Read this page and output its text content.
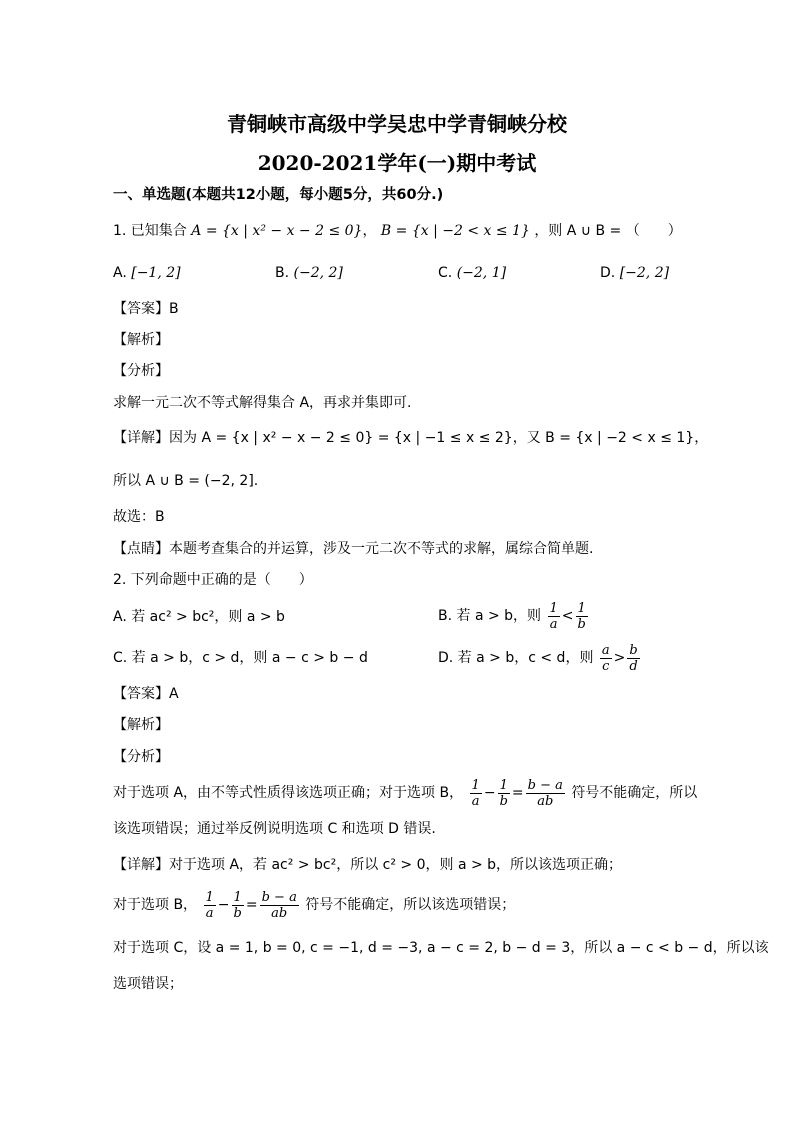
青铜峡市高级中学吴忠中学青铜峡分校
2020-2021学年(一)期中考试
一、单选题(本题共12小题，每小题5分，共60分.)
1. 已知集合 A = {x | x² − x − 2 ≤ 0}， B = {x | −2 < x ≤ 1} ，则 A ∪ B = （　　）
A. [−1, 2]	B. (−2, 2]	C. (−2, 1]	D. [−2, 2]
【答案】B
【解析】
【分析】
求解一元二次不等式解得集合 A，再求并集即可.
【详解】因为 A = {x | x² − x − 2 ≤ 0} = {x | −1 ≤ x ≤ 2}，又 B = {x | −2 < x ≤ 1}，
所以 A ∪ B = (−2, 2].
故选：B
【点睛】本题考查集合的并运算，涉及一元二次不等式的求解，属综合简单题.
2. 下列命题中正确的是（　　）
A. 若 ac² > bc²，则 a > b	B. 若 a > b，则 $\frac{1}{a} < \frac{1}{b}$
C. 若 a > b，c > d，则 a − c > b − d	D. 若 a > b，c < d，则 $\frac{a}{c} > \frac{b}{d}$
【答案】A
【解析】
【分析】
对于选项 A，由不等式性质得该选项正确；对于选项 B， $\frac{1}{a} - \frac{1}{b} = \frac{b - a}{ab}$ 符号不能确定，所以
该选项错误；通过举反例说明选项 C 和选项 D 错误.
【详解】对于选项 A，若 ac² > bc²，所以 c² > 0，则 a > b，所以该选项正确；
对于选项 B， $\frac{1}{a} - \frac{1}{b} = \frac{b - a}{ab}$ 符号不能确定，所以该选项错误；
对于选项 C，设 a = 1, b = 0, c = −1, d = −3, a − c = 2, b − d = 3，所以 a − c < b − d，所以该
选项错误；
